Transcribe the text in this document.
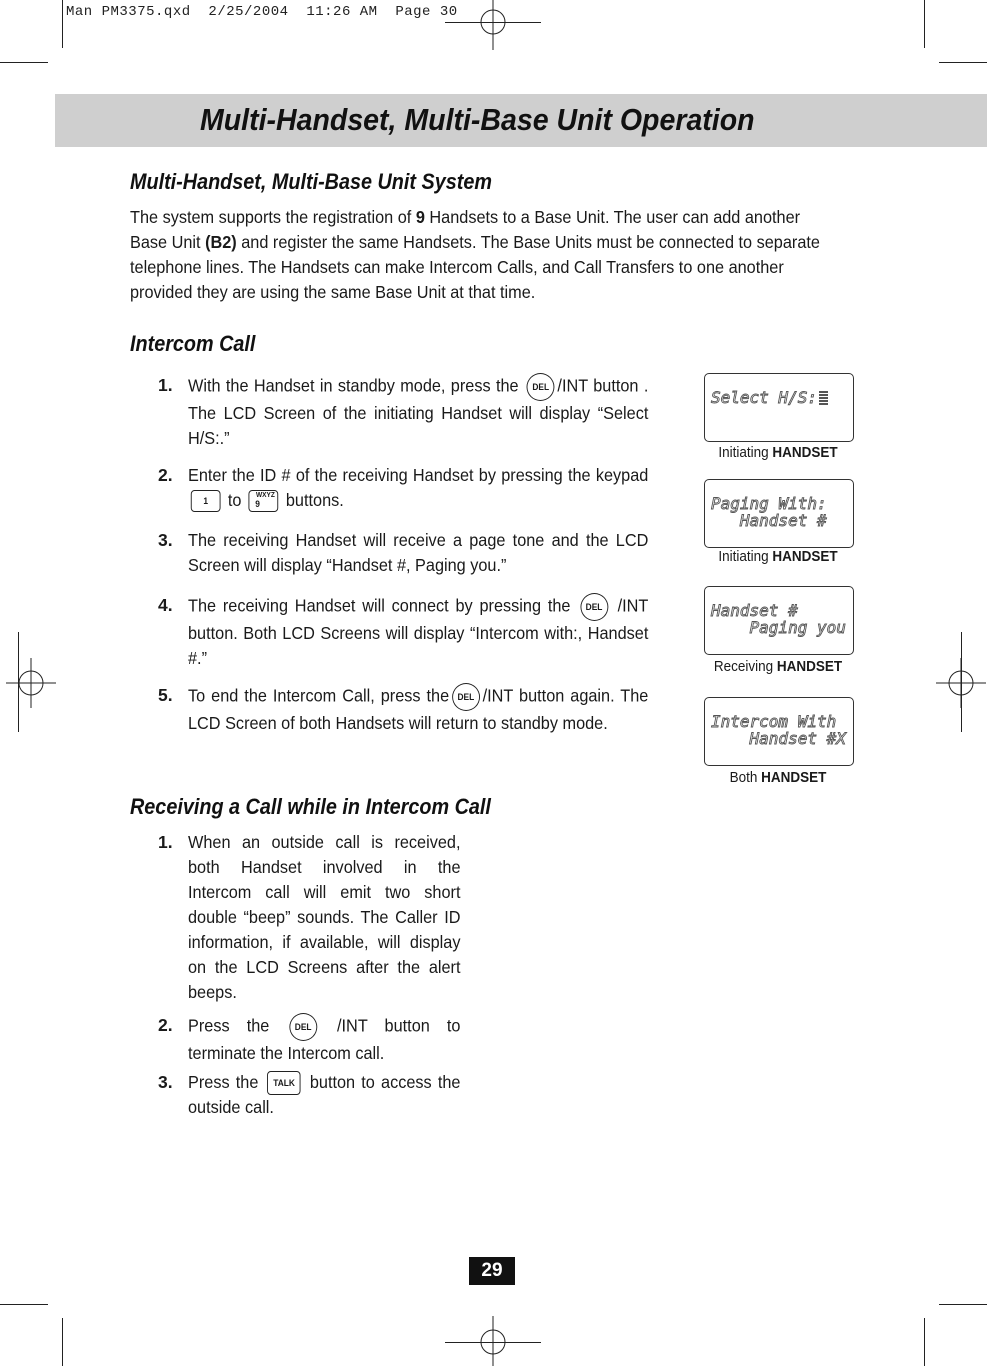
Man PM3375.qxd  2/25/2004  11:26 AM  Page 30
Multi-Handset, Multi-Base Unit Operation
Multi-Handset, Multi-Base Unit System
The system supports the registration of 9 Handsets to a Base Unit. The user can add another Base Unit (B2) and register the same Handsets. The Base Units must be connected to separate telephone lines. The Handsets can make Intercom Calls, and Call Transfers to one another provided they are using the same Base Unit at that time.
Intercom Call
1. With the Handset in standby mode, press the DEL /INT button . The LCD Screen of the initiating Handset will display “Select H/S:.”
2. Enter the ID # of the receiving Handset by pressing the keypad 1 to 9
WXYZ buttons.
3. The receiving Handset will receive a page tone and the LCD Screen will display “Handset #, Paging you.”
4. The receiving Handset will connect by pressing the DEL /INT button. Both LCD Screens will display “Intercom with:, Handset #.”
5. To end the Intercom Call, press the DEL /INT button again. The LCD Screen of both Handsets will return to standby mode.
Select H/S:
Initiating HANDSET
Paging With:
Handset #
Initiating HANDSET
Handset #
Paging you
Receiving HANDSET
Intercom With
Handset #X
Both HANDSET
Receiving a Call while in Intercom Call
1. When an outside call is received, both Handset involved in the Intercom call will emit two short double “beep” sounds. The Caller ID information, if available, will display on the LCD Screens after the alert beeps.
2. Press the	DEL /INT button to terminate the Intercom call.
3. Press the TALK button to access the outside call.
29
